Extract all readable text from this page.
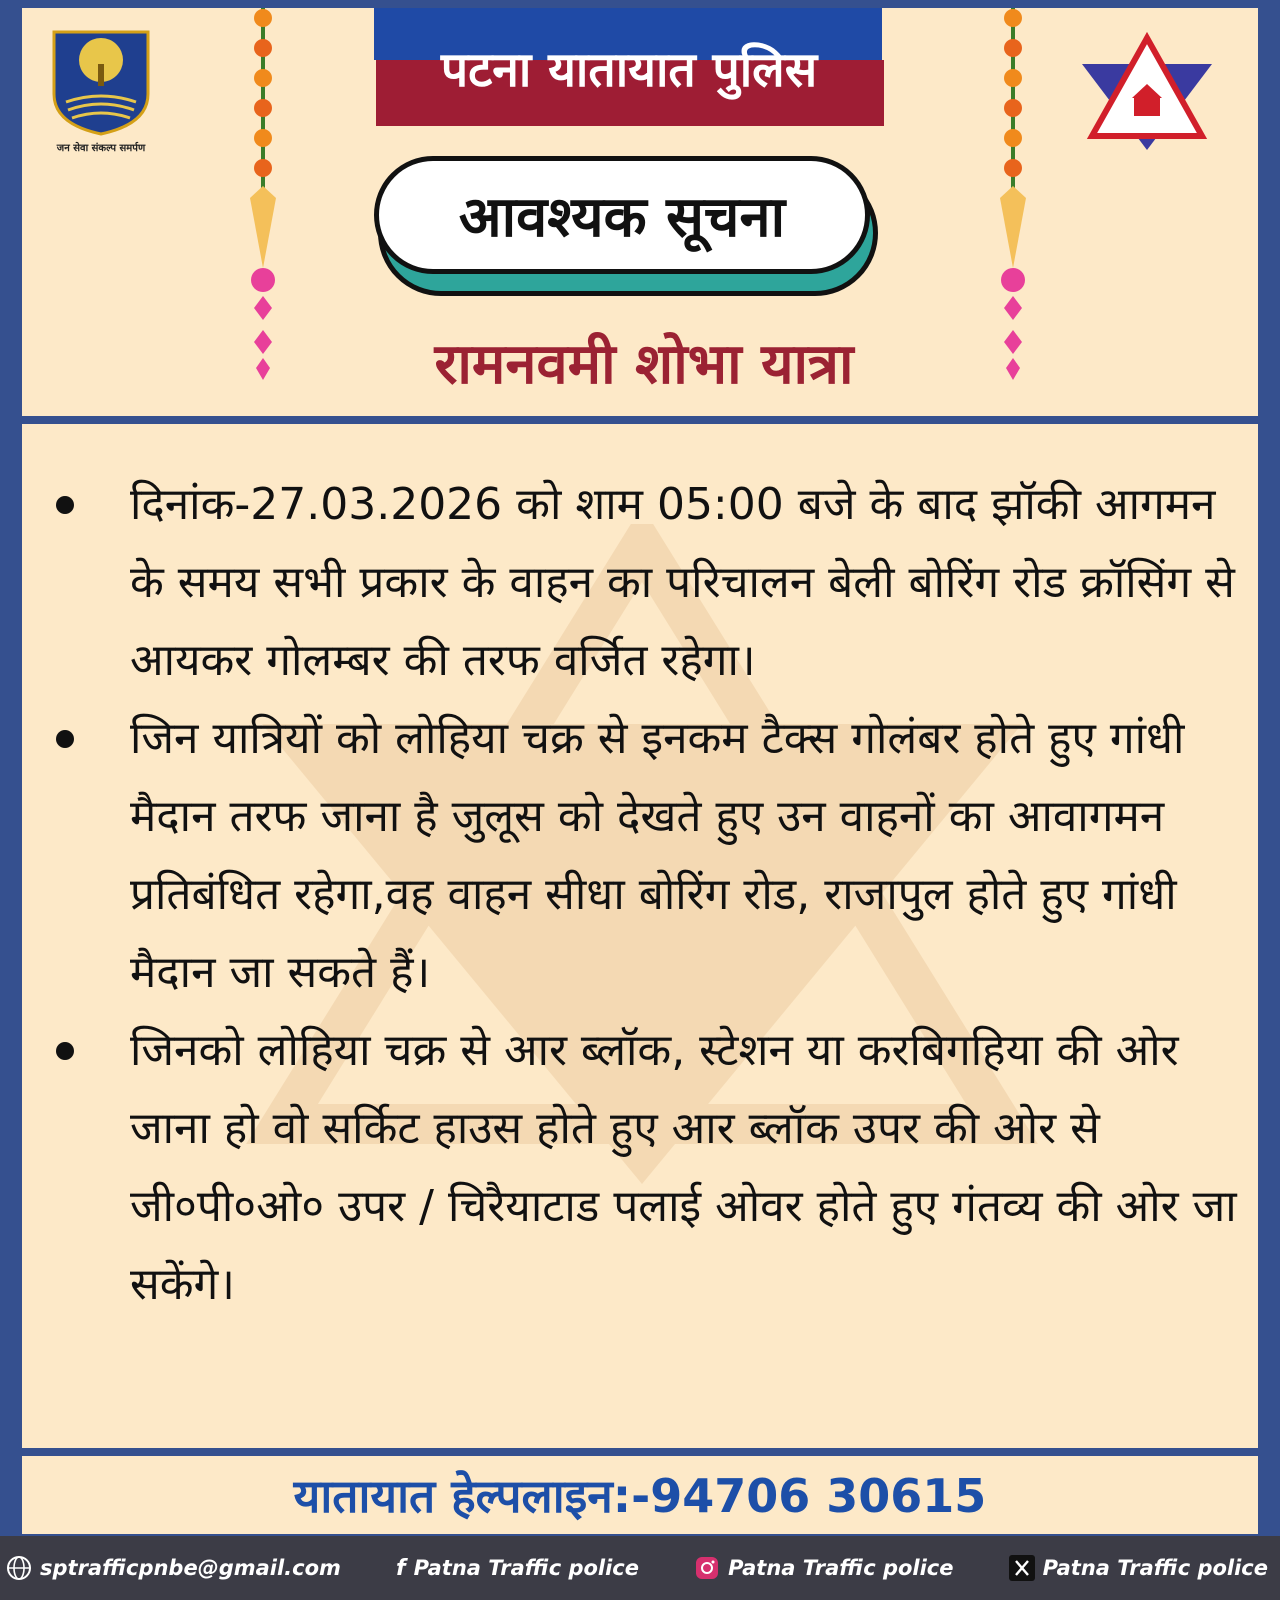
जन सेवा संकल्प समर्पण
पटना यातायात पुलिस
आवश्यक सूचना
रामनवमी शोभा यात्रा
दिनांक-27.03.2026 को शाम 05:00 बजे के बाद झॉकी आगमन के समय सभी प्रकार के वाहन का परिचालन बेली बोरिंग रोड क्रॉसिंग से आयकर गोलम्बर की तरफ वर्जित रहेगा।
जिन यात्रियों को लोहिया चक्र से इनकम टैक्स गोलंबर होते हुए गांधी मैदान तरफ जाना है जुलूस को देखते हुए उन वाहनों का आवागमन प्रतिबंधित रहेगा,वह वाहन सीधा बोरिंग रोड, राजापुल होते हुए गांधी मैदान जा सकते हैं।
जिनको लोहिया चक्र से आर ब्लॉक, स्टेशन या करबिगहिया की ओर जाना हो वो सर्किट हाउस होते हुए आर ब्लॉक उपर की ओर से जी०पी०ओ० उपर / चिरैयाटाड पलाई ओवर होते हुए गंतव्य की ओर जा सकेंगे।
यातायात हेल्पलाइन:-94706 30615
sptrafficpnbe@gmail.com	f Patna Traffic police	Patna Traffic police	Patna Traffic police
